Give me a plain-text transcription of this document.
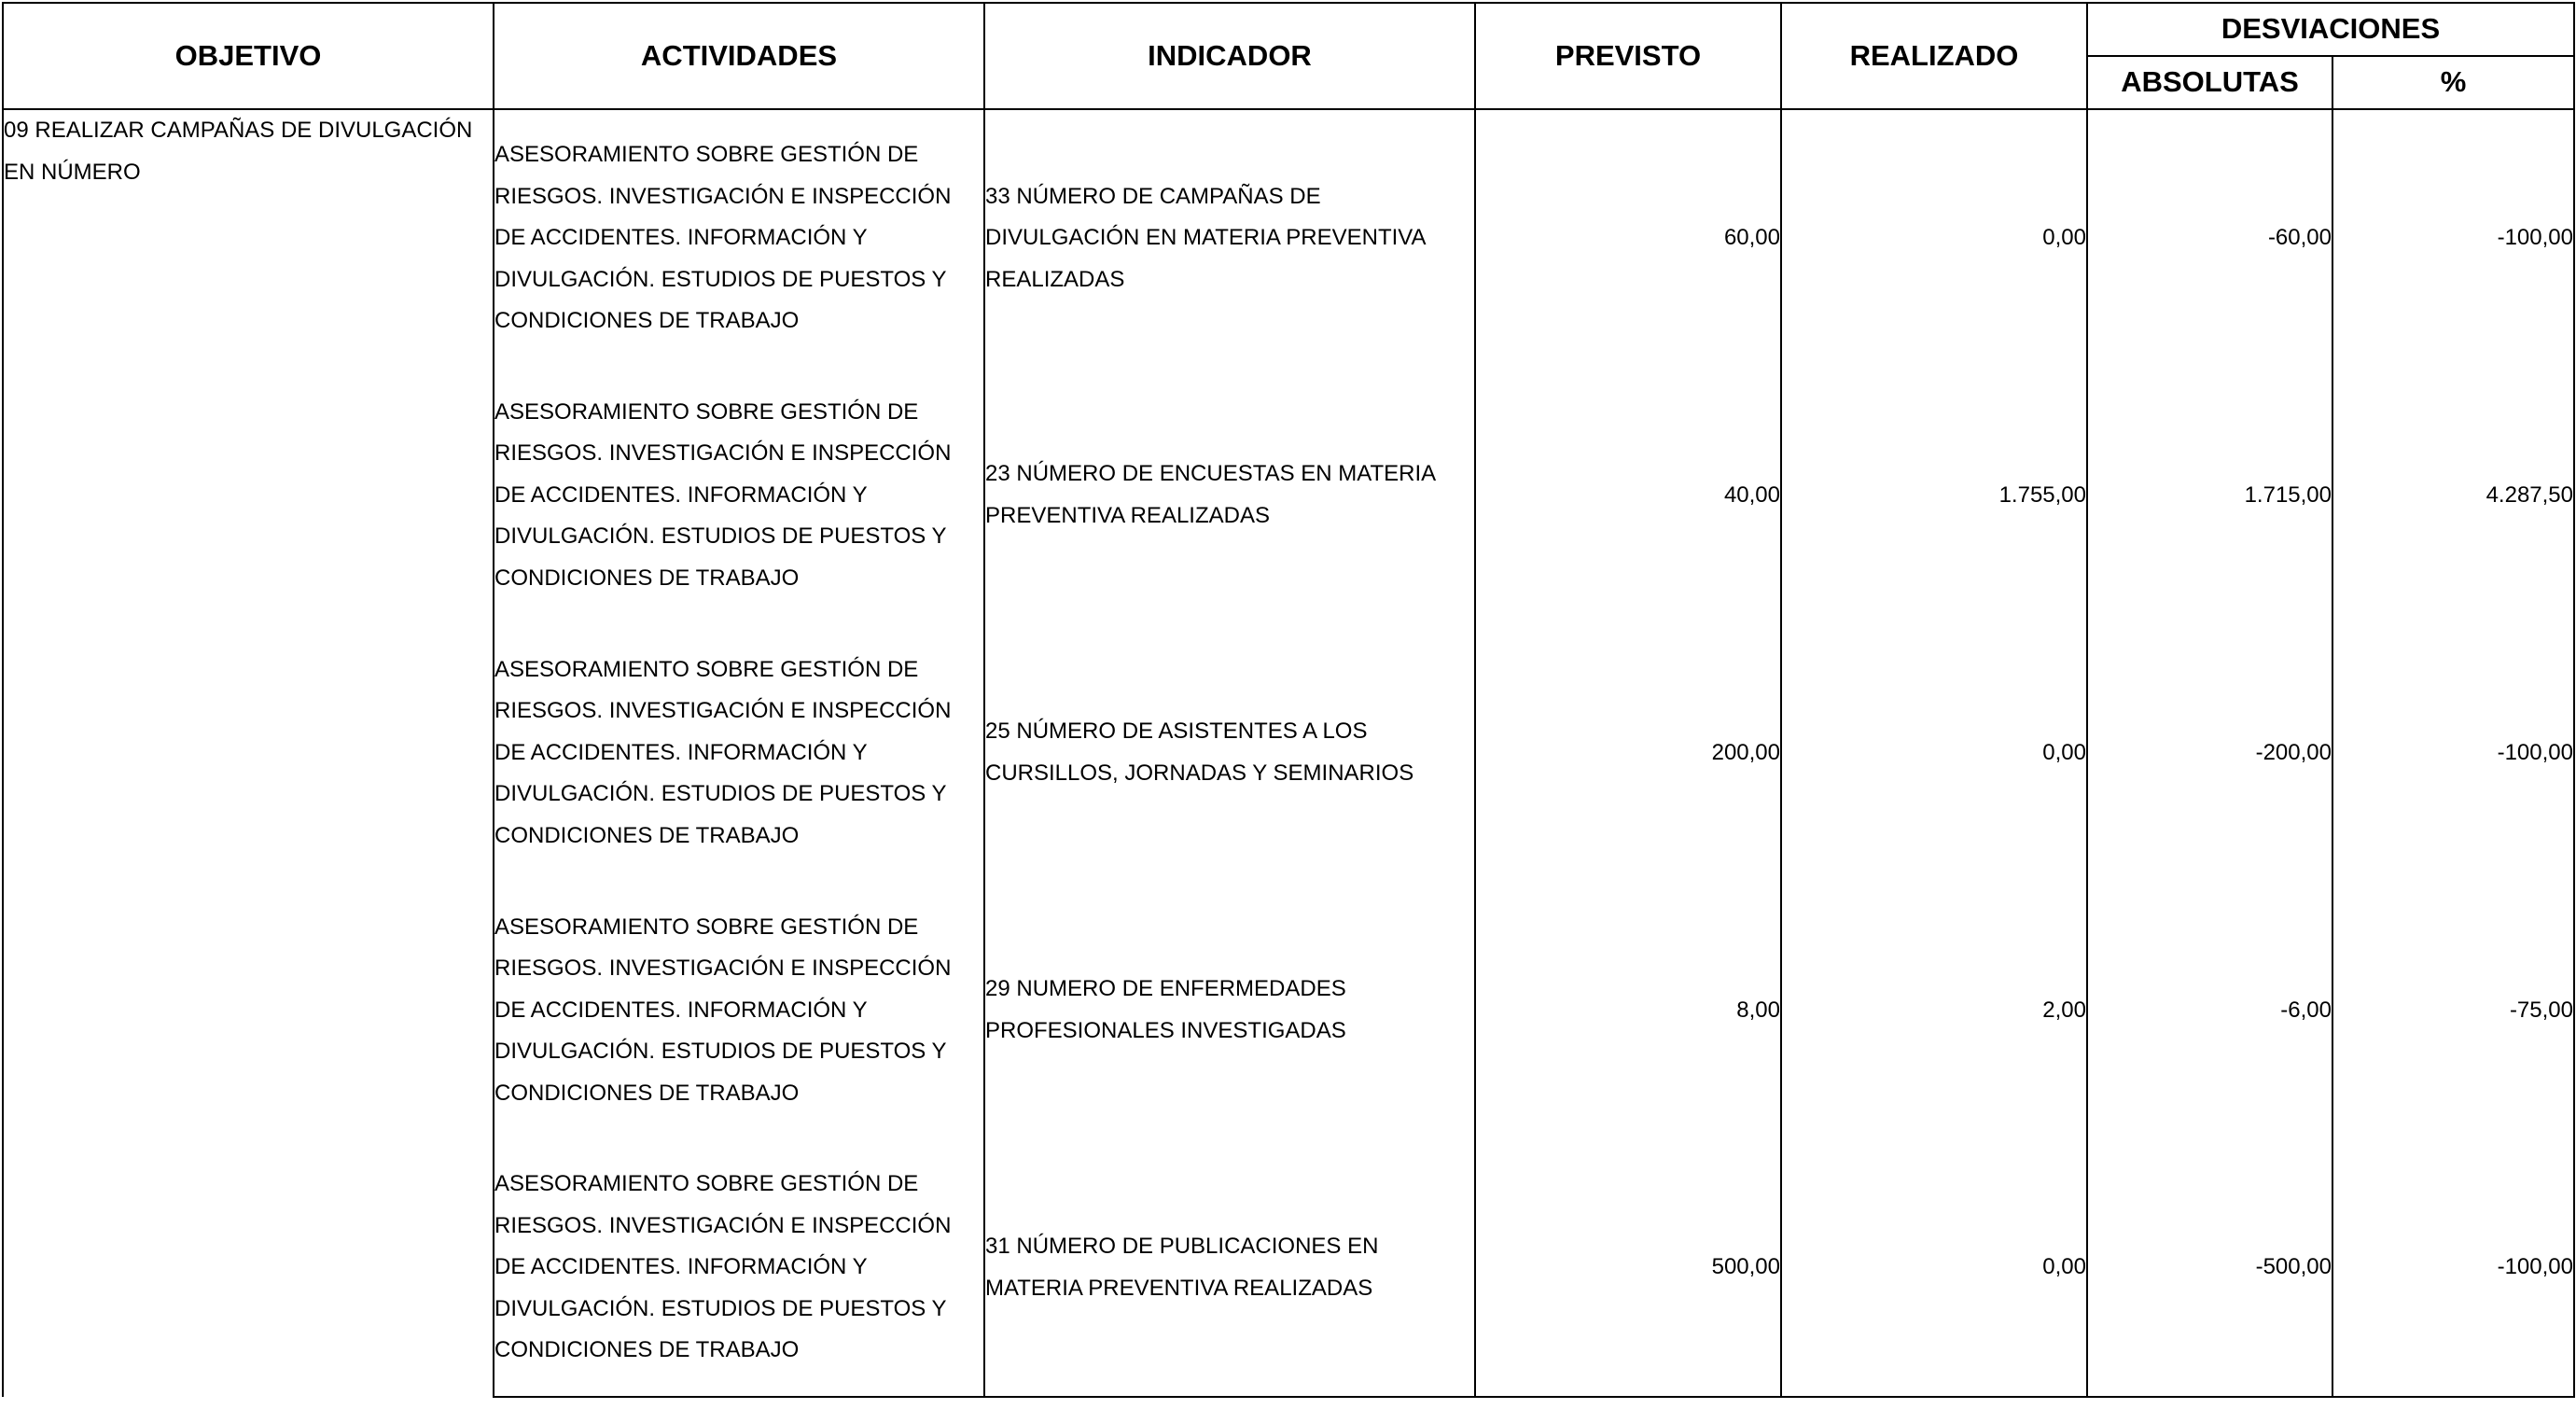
OBJETIVO	ACTIVIDADES	INDICADOR	PREVISTO	REALIZADO	DESVIACIONES	
					ABSOLUTAS	%
09 REALIZAR CAMPAÑAS DE DIVULGACIÓN EN NÚMERO	ASESORAMIENTO SOBRE GESTIÓN DE RIESGOS. INVESTIGACIÓN E INSPECCIÓN DE ACCIDENTES. INFORMACIÓN Y DIVULGACIÓN. ESTUDIOS DE PUESTOS Y CONDICIONES DE TRABAJO	33 NÚMERO DE CAMPAÑAS DE DIVULGACIÓN EN MATERIA PREVENTIVA REALIZADAS	60,00	0,00	-60,00	-100,00
	ASESORAMIENTO SOBRE GESTIÓN DE RIESGOS. INVESTIGACIÓN E INSPECCIÓN DE ACCIDENTES. INFORMACIÓN Y DIVULGACIÓN. ESTUDIOS DE PUESTOS Y CONDICIONES DE TRABAJO	23 NÚMERO DE ENCUESTAS EN MATERIA PREVENTIVA REALIZADAS	40,00	1.755,00	1.715,00	4.287,50
	ASESORAMIENTO SOBRE GESTIÓN DE RIESGOS. INVESTIGACIÓN E INSPECCIÓN DE ACCIDENTES. INFORMACIÓN Y DIVULGACIÓN. ESTUDIOS DE PUESTOS Y CONDICIONES DE TRABAJO	25 NÚMERO DE ASISTENTES A LOS CURSILLOS, JORNADAS Y SEMINARIOS	200,00	0,00	-200,00	-100,00
	ASESORAMIENTO SOBRE GESTIÓN DE RIESGOS. INVESTIGACIÓN E INSPECCIÓN DE ACCIDENTES. INFORMACIÓN Y DIVULGACIÓN. ESTUDIOS DE PUESTOS Y CONDICIONES DE TRABAJO	29 NUMERO DE ENFERMEDADES PROFESIONALES INVESTIGADAS	8,00	2,00	-6,00	-75,00
	ASESORAMIENTO SOBRE GESTIÓN DE RIESGOS. INVESTIGACIÓN E INSPECCIÓN DE ACCIDENTES. INFORMACIÓN Y DIVULGACIÓN. ESTUDIOS DE PUESTOS Y CONDICIONES DE TRABAJO	31 NÚMERO DE PUBLICACIONES EN MATERIA PREVENTIVA REALIZADAS	500,00	0,00	-500,00	-100,00
